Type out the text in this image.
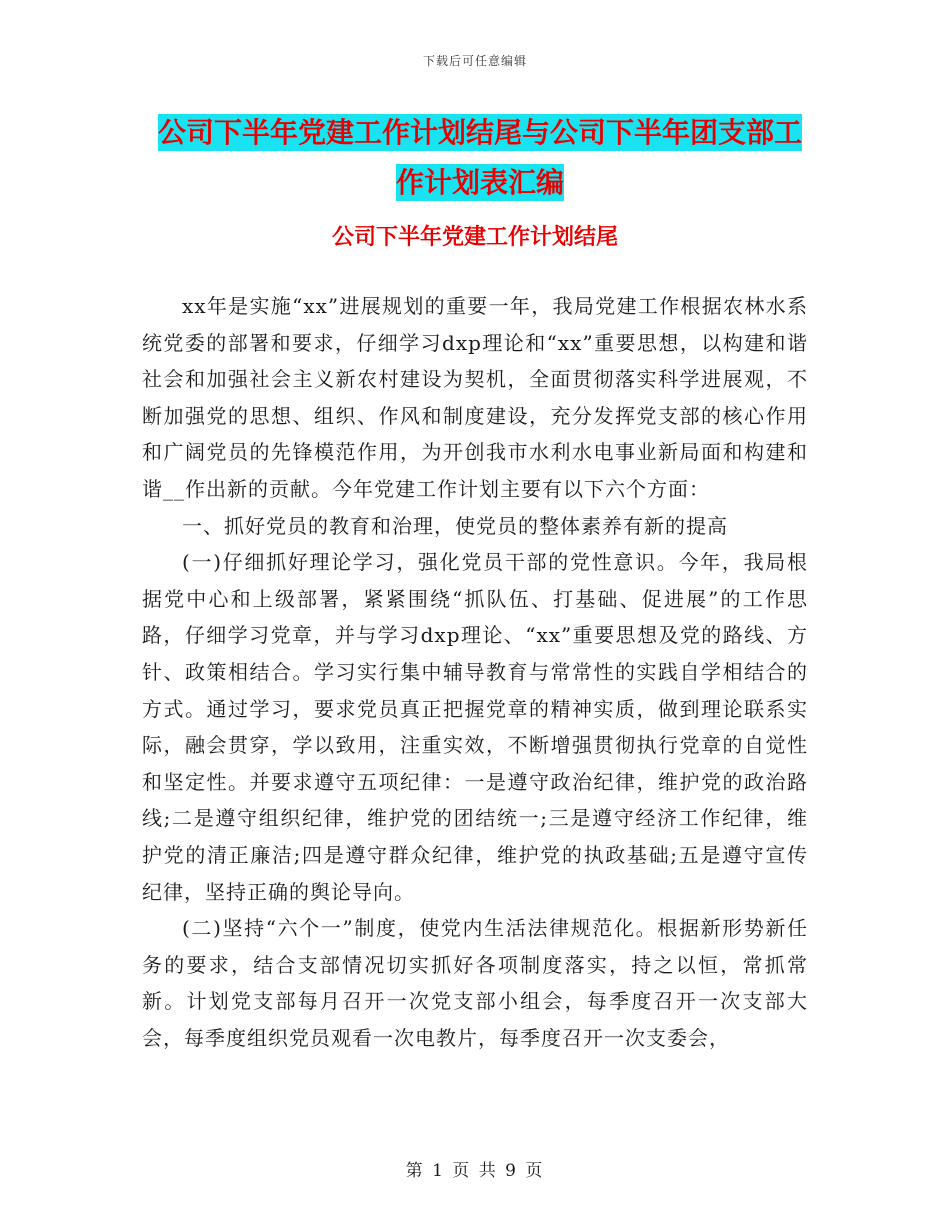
下载后可任意编辑
公司下半年党建工作计划结尾与公司下半年团支部工作计划表汇编
公司下半年党建工作计划结尾

xx年是实施“xx”进展规划的重要一年，我局党建工作根据农林水系统党委的部署和要求，仔细学习dxp理论和“xx”重要思想，以构建和谐社会和加强社会主义新农村建设为契机，全面贯彻落实科学进展观，不断加强党的思想、组织、作风和制度建设，充分发挥党支部的核心作用和广阔党员的先锋模范作用，为开创我市水利水电事业新局面和构建和谐__作出新的贡献。今年党建工作计划主要有以下六个方面：

一、抓好党员的教育和治理，使党员的整体素养有新的提高

(一)仔细抓好理论学习，强化党员干部的党性意识。今年，我局根据党中心和上级部署，紧紧围绕“抓队伍、打基础、促进展”的工作思路，仔细学习党章，并与学习dxp理论、“xx”重要思想及党的路线、方针、政策相结合。学习实行集中辅导教育与常常性的实践自学相结合的方式。通过学习，要求党员真正把握党章的精神实质，做到理论联系实际，融会贯穿，学以致用，注重实效，不断增强贯彻执行党章的自觉性和坚定性。并要求遵守五项纪律：一是遵守政治纪律，维护党的政治路线;二是遵守组织纪律，维护党的团结统一;三是遵守经济工作纪律，维护党的清正廉洁;四是遵守群众纪律，维护党的执政基础;五是遵守宣传纪律，坚持正确的舆论导向。

(二)坚持“六个一”制度，使党内生活法律规范化。根据新形势新任务的要求，结合支部情况切实抓好各项制度落实，持之以恒，常抓常新。计划党支部每月召开一次党支部小组会，每季度召开一次支部大会，每季度组织党员观看一次电教片，每季度召开一次支委会，

第 1 页 共 9 页
